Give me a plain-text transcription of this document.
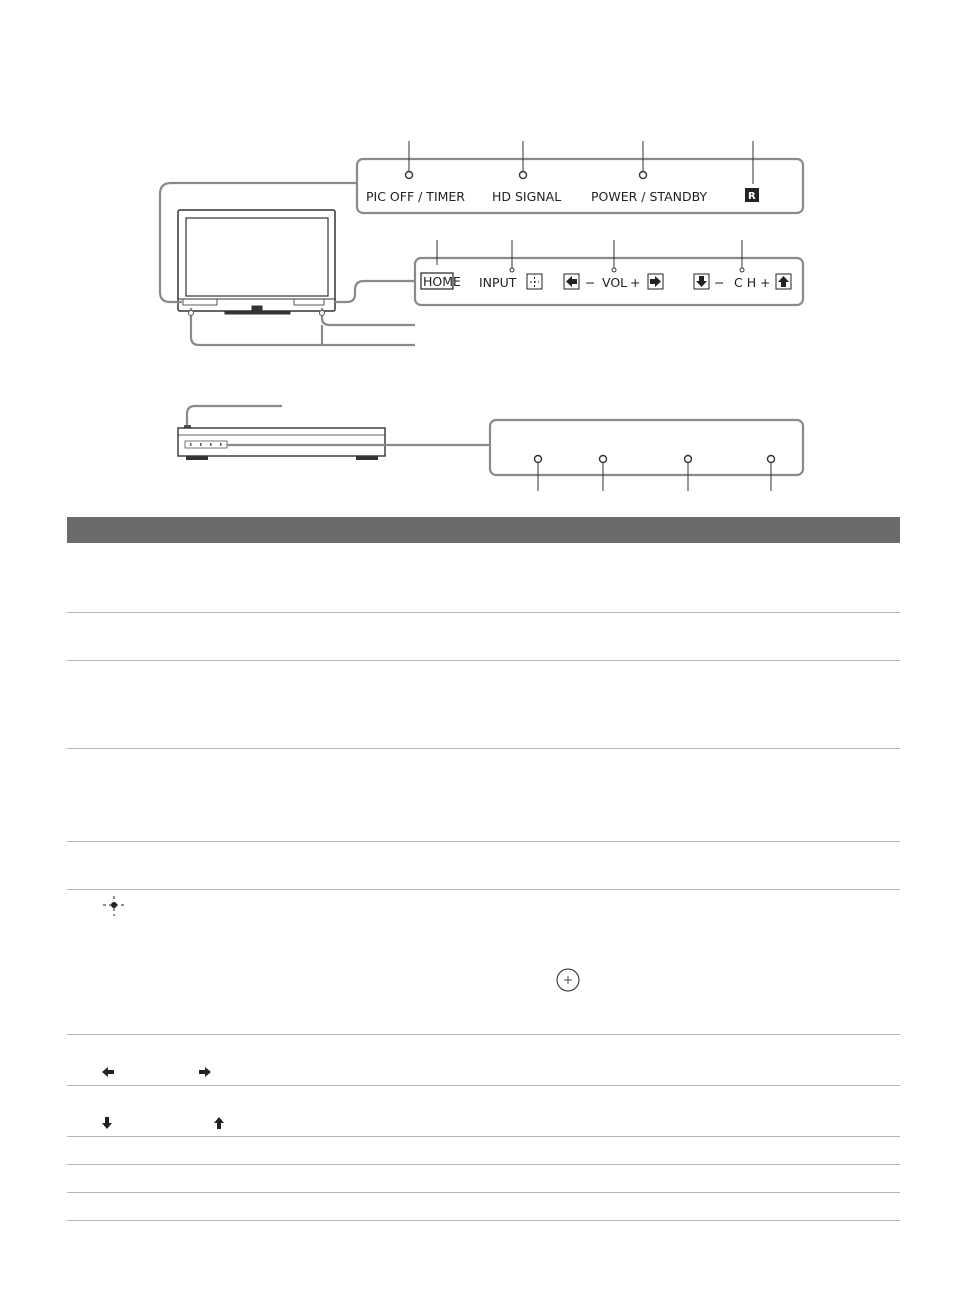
PIC OFF / TIMER HD SIGNAL POWER / STANDBY	R
HOME INPUT	− VOL +	− C H +
